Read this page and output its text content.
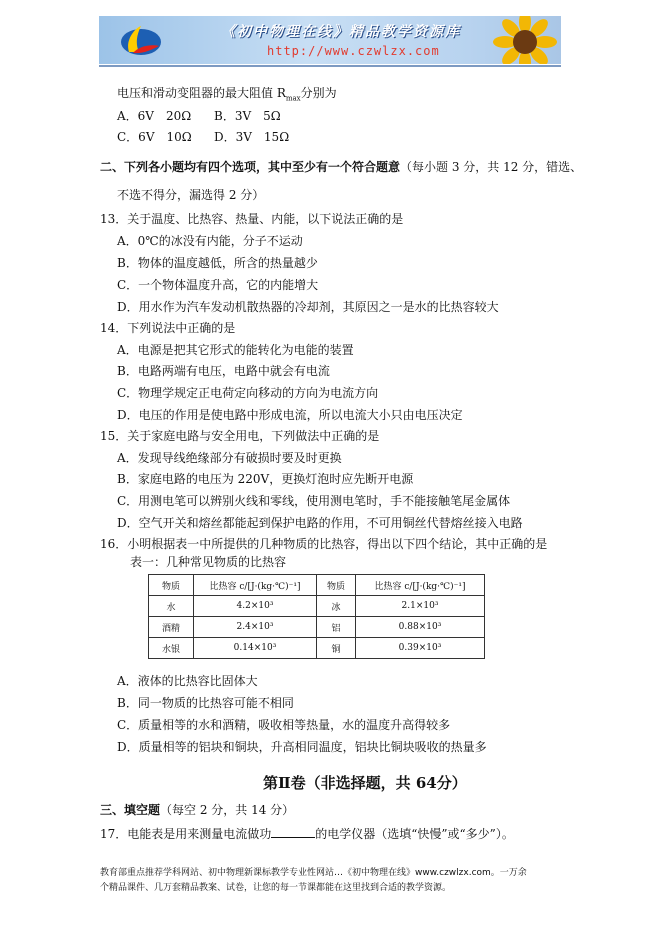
《初中物理在线》精品教学资源库
http://www.czwlzx.com
电压和滑动变阻器的最大阻值 $R_{max}$分别为
A．6V　20Ω B．3V　5Ω
C．6V　10Ω D．3V　15Ω
二、下列各小题均有四个选项，其中至少有一个符合题意（每小题 3 分，共 12 分，错选、
不选不得分，漏选得 2 分）
13．关于温度、比热容、热量、内能，以下说法正确的是
A．0℃的冰没有内能，分子不运动
B．物体的温度越低，所含的热量越少
C．一个物体温度升高，它的内能增大
D．用水作为汽车发动机散热器的冷却剂，其原因之一是水的比热容较大
14．下列说法中正确的是
A．电源是把其它形式的能转化为电能的装置
B．电路两端有电压，电路中就会有电流
C．物理学规定正电荷定向移动的方向为电流方向
D．电压的作用是使电路中形成电流，所以电流大小只由电压决定
15．关于家庭电路与安全用电，下列做法中正确的是
A．发现导线绝缘部分有破损时要及时更换
B．家庭电路的电压为 220V，更换灯泡时应先断开电源
C．用测电笔可以辨别火线和零线，使用测电笔时，手不能接触笔尾金属体
D．空气开关和熔丝都能起到保护电路的作用，不可用铜丝代替熔丝接入电路
16．小明根据表一中所提供的几种物质的比热容，得出以下四个结论，其中正确的是
表一：几种常见物质的比热容
物质	比热容 c/[J·(kg·℃)⁻¹]	物质	比热容 c/[J·(kg·℃)⁻¹]
水	4.2×10³	冰	2.1×10³
酒精	2.4×10³	铝	0.88×10³
水银	0.14×10³	铜	0.39×10³
A．液体的比热容比固体大
B．同一物质的比热容可能不相同
C．质量相等的水和酒精，吸收相等热量，水的温度升高得较多
D．质量相等的铝块和铜块，升高相同温度，铝块比铜块吸收的热量多
第Ⅱ卷（非选择题，共 64分）
三、填空题（每空 2 分，共 14 分）
17．电能表是用来测量电流做功	的电学仪器（选填“快慢”或“多少”）。
教育部重点推荐学科网站、初中物理新课标教学专业性网站…《初中物理在线》www.czwlzx.com。一万余
个精品课件、几万套精品教案、试卷，让您的每一节课都能在这里找到合适的教学资源。
